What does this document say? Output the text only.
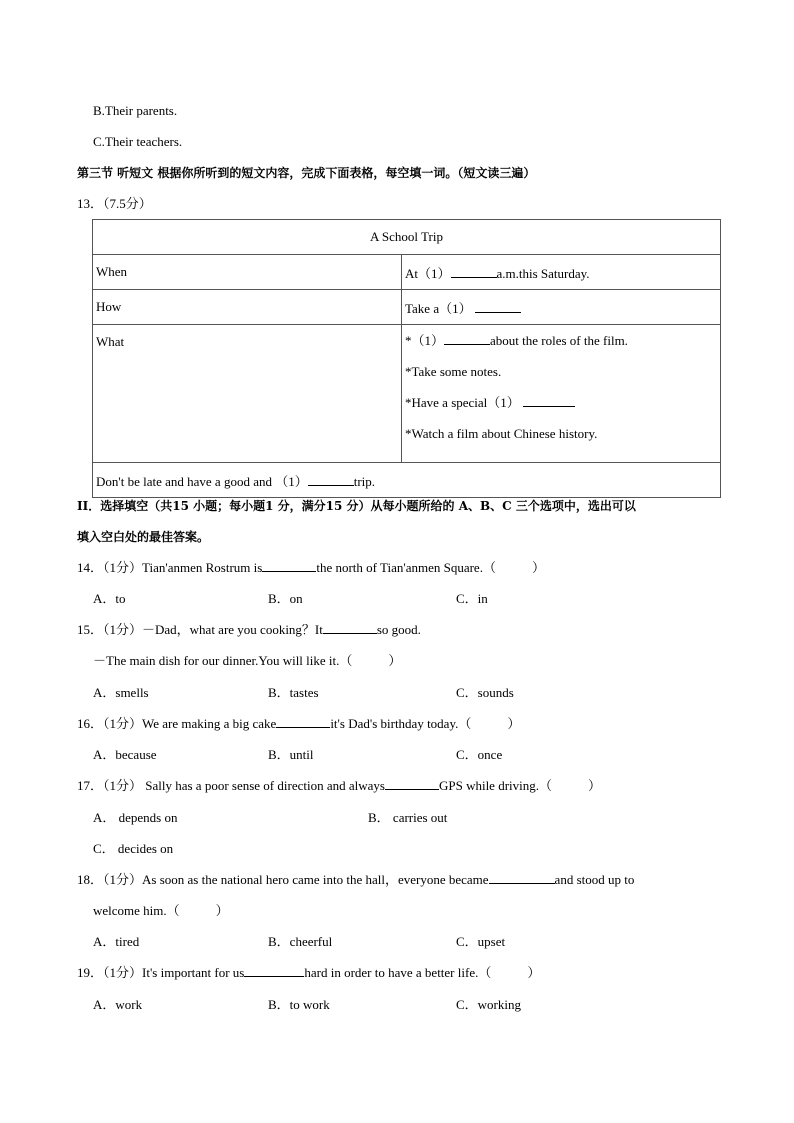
B.Their parents.
C.Their teachers.
第三节 听短文 根据你所听到的短文内容，完成下面表格，每空填一词。（短文读三遍）
13．（7.5分）
A School Trip	
When	At（1） a.m.this Saturday.
How	Take a（1）
What	*（1） about the roles of the film.
*Take some notes.
*Have a special（1）
*Watch a film about Chinese history.

Don't be late and have a good and （1） trip.	
II．选择填空（共15 小题；每小题1 分，满分15 分）从每小题所给的 A、B、C 三个选项中，选出可以
填入空白处的最佳答案。
14．（1分）Tian'anmen Rostrum is	the north of Tian'anmen Square.（	）
A．to	B．on	C．in
15．（1分）－Dad，what are you cooking？It	so good.
－The main dish for our dinner.You will like it.（	）
A．smells	B．tastes	C．sounds
16．（1分）We are making a big cake	it's Dad's birthday today.（	）
A．because	B．until	C．once
17．（1分） Sally has a poor sense of direction and always	GPS while driving.（	）
A． depends on	B． carries out
C． decides on
18．（1分）As soon as the national hero came into the hall，everyone became	and stood up to
welcome him.（	）
A．tired	B．cheerful	C．upset
19．（1分）It's important for us	hard in order to have a better life.（	）
A．work	B．to work	C．working
